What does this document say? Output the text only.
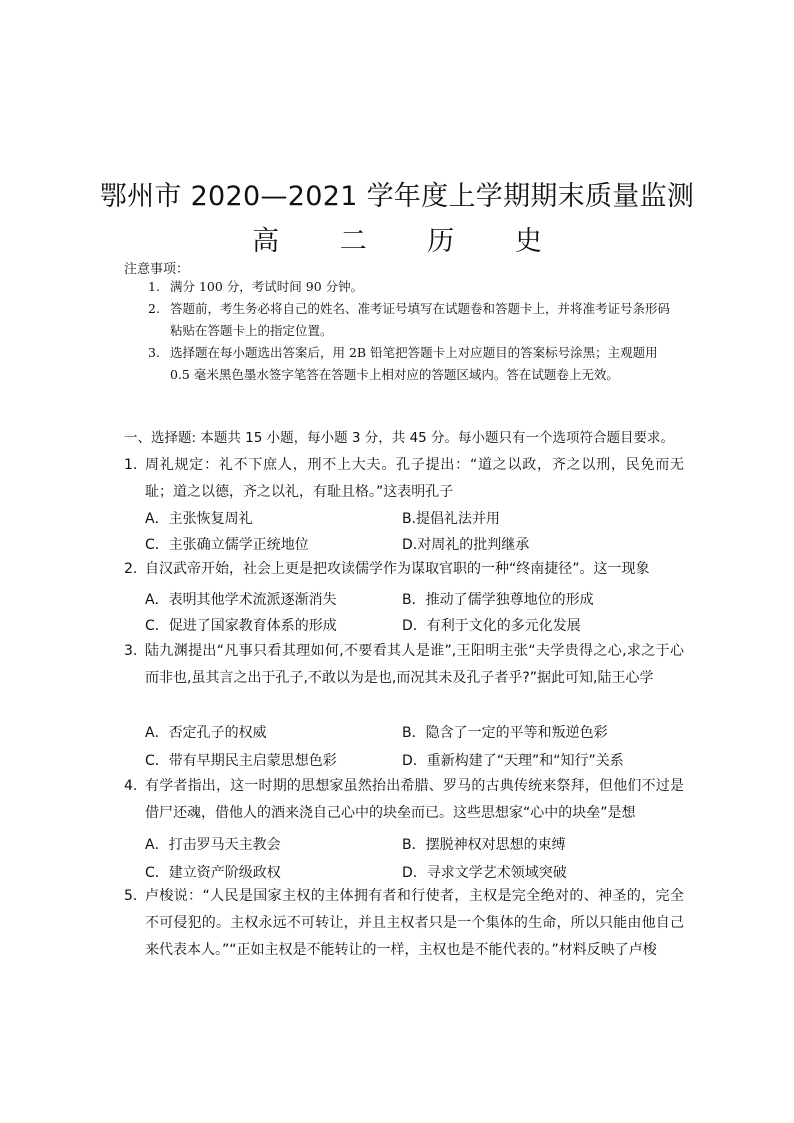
鄂州市 2020—2021 学年度上学期期末质量监测
高 二 历 史
注意事项：
1. 满分 100 分，考试时间 90 分钟。
2. 答题前，考生务必将自己的姓名、准考证号填写在试题卷和答题卡上，并将准考证号条形码粘贴在答题卡上的指定位置。
3. 选择题在每小题选出答案后，用 2B 铅笔把答题卡上对应题目的答案标号涂黑；主观题用 0.5 毫米黑色墨水签字笔答在答题卡上相对应的答题区域内。答在试题卷上无效。
一、选择题: 本题共 15 小题，每小题 3 分，共 45 分。每小题只有一个选项符合题目要求。
1. 周礼规定：礼不下庶人，刑不上大夫。孔子提出：“道之以政，齐之以刑，民免而无耻；道之以德，齐之以礼，有耻且格。”这表明孔子
A．主张恢复周礼	B.提倡礼法并用
C．主张确立儒学正统地位	D.对周礼的批判继承
2. 自汉武帝开始，社会上更是把攻读儒学作为谋取官职的一种“终南捷径”。这一现象
A．表明其他学术流派逐渐消失	B．推动了儒学独尊地位的形成
C．促进了国家教育体系的形成	D．有利于文化的多元化发展
3. 陆九渊提出“凡事只看其理如何,不要看其人是谁”,王阳明主张“夫学贵得之心,求之于心而非也,虽其言之出于孔子,不敢以为是也,而况其未及孔子者乎?”据此可知,陆王心学
A．否定孔子的权威	B．隐含了一定的平等和叛逆色彩
C．带有早期民主启蒙思想色彩	D．重新构建了“天理”和“知行”关系
4. 有学者指出，这一时期的思想家虽然抬出希腊、罗马的古典传统来祭拜，但他们不过是借尸还魂，借他人的酒来浇自己心中的块垒而已。这些思想家“心中的块垒”是想
A．打击罗马天主教会	B．摆脱神权对思想的束缚
C．建立资产阶级政权	D．寻求文学艺术领域突破
5. 卢梭说：“人民是国家主权的主体拥有者和行使者，主权是完全绝对的、神圣的，完全不可侵犯的。主权永远不可转让，并且主权者只是一个集体的生命，所以只能由他自己来代表本人。”“正如主权是不能转让的一样，主权也是不能代表的。”材料反映了卢梭
